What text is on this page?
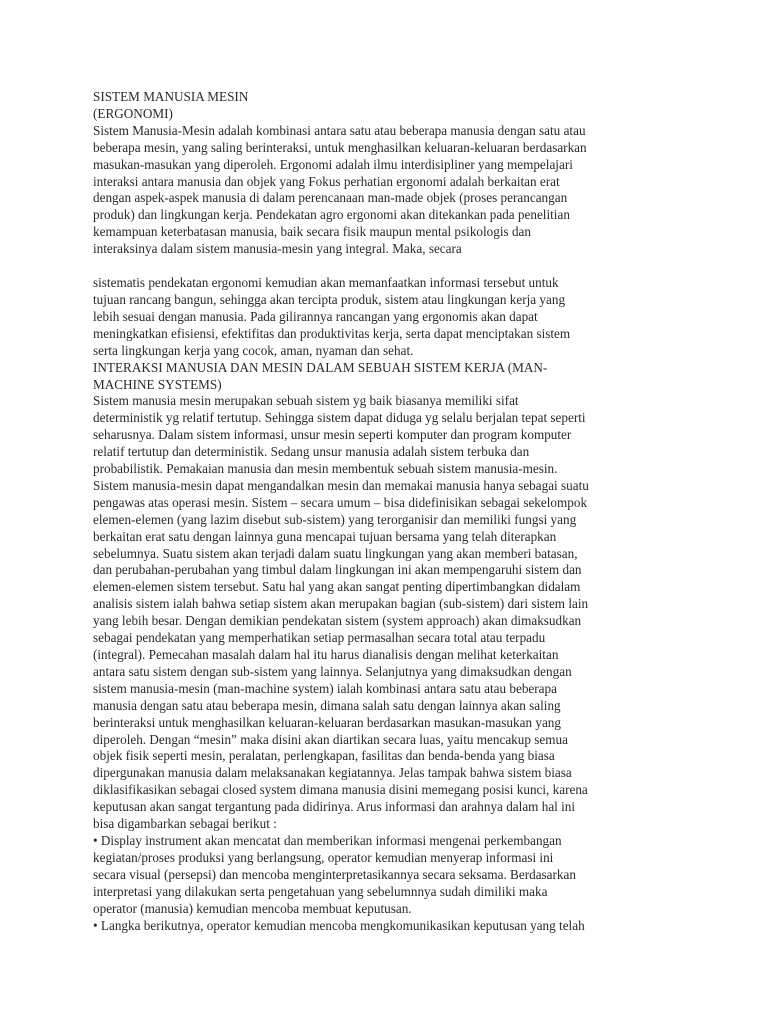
SISTEM MANUSIA MESIN
(ERGONOMI)
Sistem Manusia-Mesin adalah kombinasi antara satu atau beberapa manusia dengan satu atau
beberapa mesin, yang saling berinteraksi, untuk menghasilkan keluaran-keluaran berdasarkan
masukan-masukan yang diperoleh. Ergonomi adalah ilmu interdisipliner yang mempelajari
interaksi antara manusia dan objek yang Fokus perhatian ergonomi adalah berkaitan erat
dengan aspek-aspek manusia di dalam perencanaan man-made objek (proses perancangan
produk) dan lingkungan kerja. Pendekatan agro ergonomi akan ditekankan pada penelitian
kemampuan keterbatasan manusia, baik secara fisik maupun mental psikologis dan
interaksinya dalam sistem manusia-mesin yang integral. Maka, secara
sistematis pendekatan ergonomi kemudian akan memanfaatkan informasi tersebut untuk
tujuan rancang bangun, sehingga akan tercipta produk, sistem atau lingkungan kerja yang
lebih sesuai dengan manusia. Pada gilirannya rancangan yang ergonomis akan dapat
meningkatkan efisiensi, efektifitas dan produktivitas kerja, serta dapat menciptakan sistem
serta lingkungan kerja yang cocok, aman, nyaman dan sehat.
INTERAKSI MANUSIA DAN MESIN DALAM SEBUAH SISTEM KERJA (MAN-
MACHINE SYSTEMS)
Sistem manusia mesin merupakan sebuah sistem yg baik biasanya memiliki sifat
deterministik yg relatif tertutup. Sehingga sistem dapat diduga yg selalu berjalan tepat seperti
seharusnya. Dalam sistem informasi, unsur mesin seperti komputer dan program komputer
relatif tertutup dan deterministik. Sedang unsur manusia adalah sistem terbuka dan
probabilistik. Pemakaian manusia dan mesin membentuk sebuah sistem manusia-mesin.
Sistem manusia-mesin dapat mengandalkan mesin dan memakai manusia hanya sebagai suatu
pengawas atas operasi mesin. Sistem – secara umum – bisa didefinisikan sebagai sekelompok
elemen-elemen (yang lazim disebut sub-sistem) yang terorganisir dan memiliki fungsi yang
berkaitan erat satu dengan lainnya guna mencapai tujuan bersama yang telah diterapkan
sebelumnya. Suatu sistem akan terjadi dalam suatu lingkungan yang akan memberi batasan,
dan perubahan-perubahan yang timbul dalam lingkungan ini akan mempengaruhi sistem dan
elemen-elemen sistem tersebut. Satu hal yang akan sangat penting dipertimbangkan didalam
analisis sistem ialah bahwa setiap sistem akan merupakan bagian (sub-sistem) dari sistem lain
yang lebih besar. Dengan demikian pendekatan sistem (system approach) akan dimaksudkan
sebagai pendekatan yang memperhatikan setiap permasalhan secara total atau terpadu
(integral). Pemecahan masalah dalam hal itu harus dianalisis dengan melihat keterkaitan
antara satu sistem dengan sub-sistem yang lainnya. Selanjutnya yang dimaksudkan dengan
sistem manusia-mesin (man-machine system) ialah kombinasi antara satu atau beberapa
manusia dengan satu atau beberapa mesin, dimana salah satu dengan lainnya akan saling
berinteraksi untuk menghasilkan keluaran-keluaran berdasarkan masukan-masukan yang
diperoleh. Dengan “mesin” maka disini akan diartikan secara luas, yaitu mencakup semua
objek fisik seperti mesin, peralatan, perlengkapan, fasilitas dan benda-benda yang biasa
dipergunakan manusia dalam melaksanakan kegiatannya. Jelas tampak bahwa sistem biasa
diklasifikasikan sebagai closed system dimana manusia disini memegang posisi kunci, karena
keputusan akan sangat tergantung pada didirinya. Arus informasi dan arahnya dalam hal ini
bisa digambarkan sebagai berikut :
• Display instrument akan mencatat dan memberikan informasi mengenai perkembangan
kegiatan/proses produksi yang berlangsung, operator kemudian menyerap informasi ini
secara visual (persepsi) dan mencoba menginterpretasikannya secara seksama. Berdasarkan
interpretasi yang dilakukan serta pengetahuan yang sebelumnnya sudah dimiliki maka
operator (manusia) kemudian mencoba membuat keputusan.
• Langka berikutnya, operator kemudian mencoba mengkomunikasikan keputusan yang telah
